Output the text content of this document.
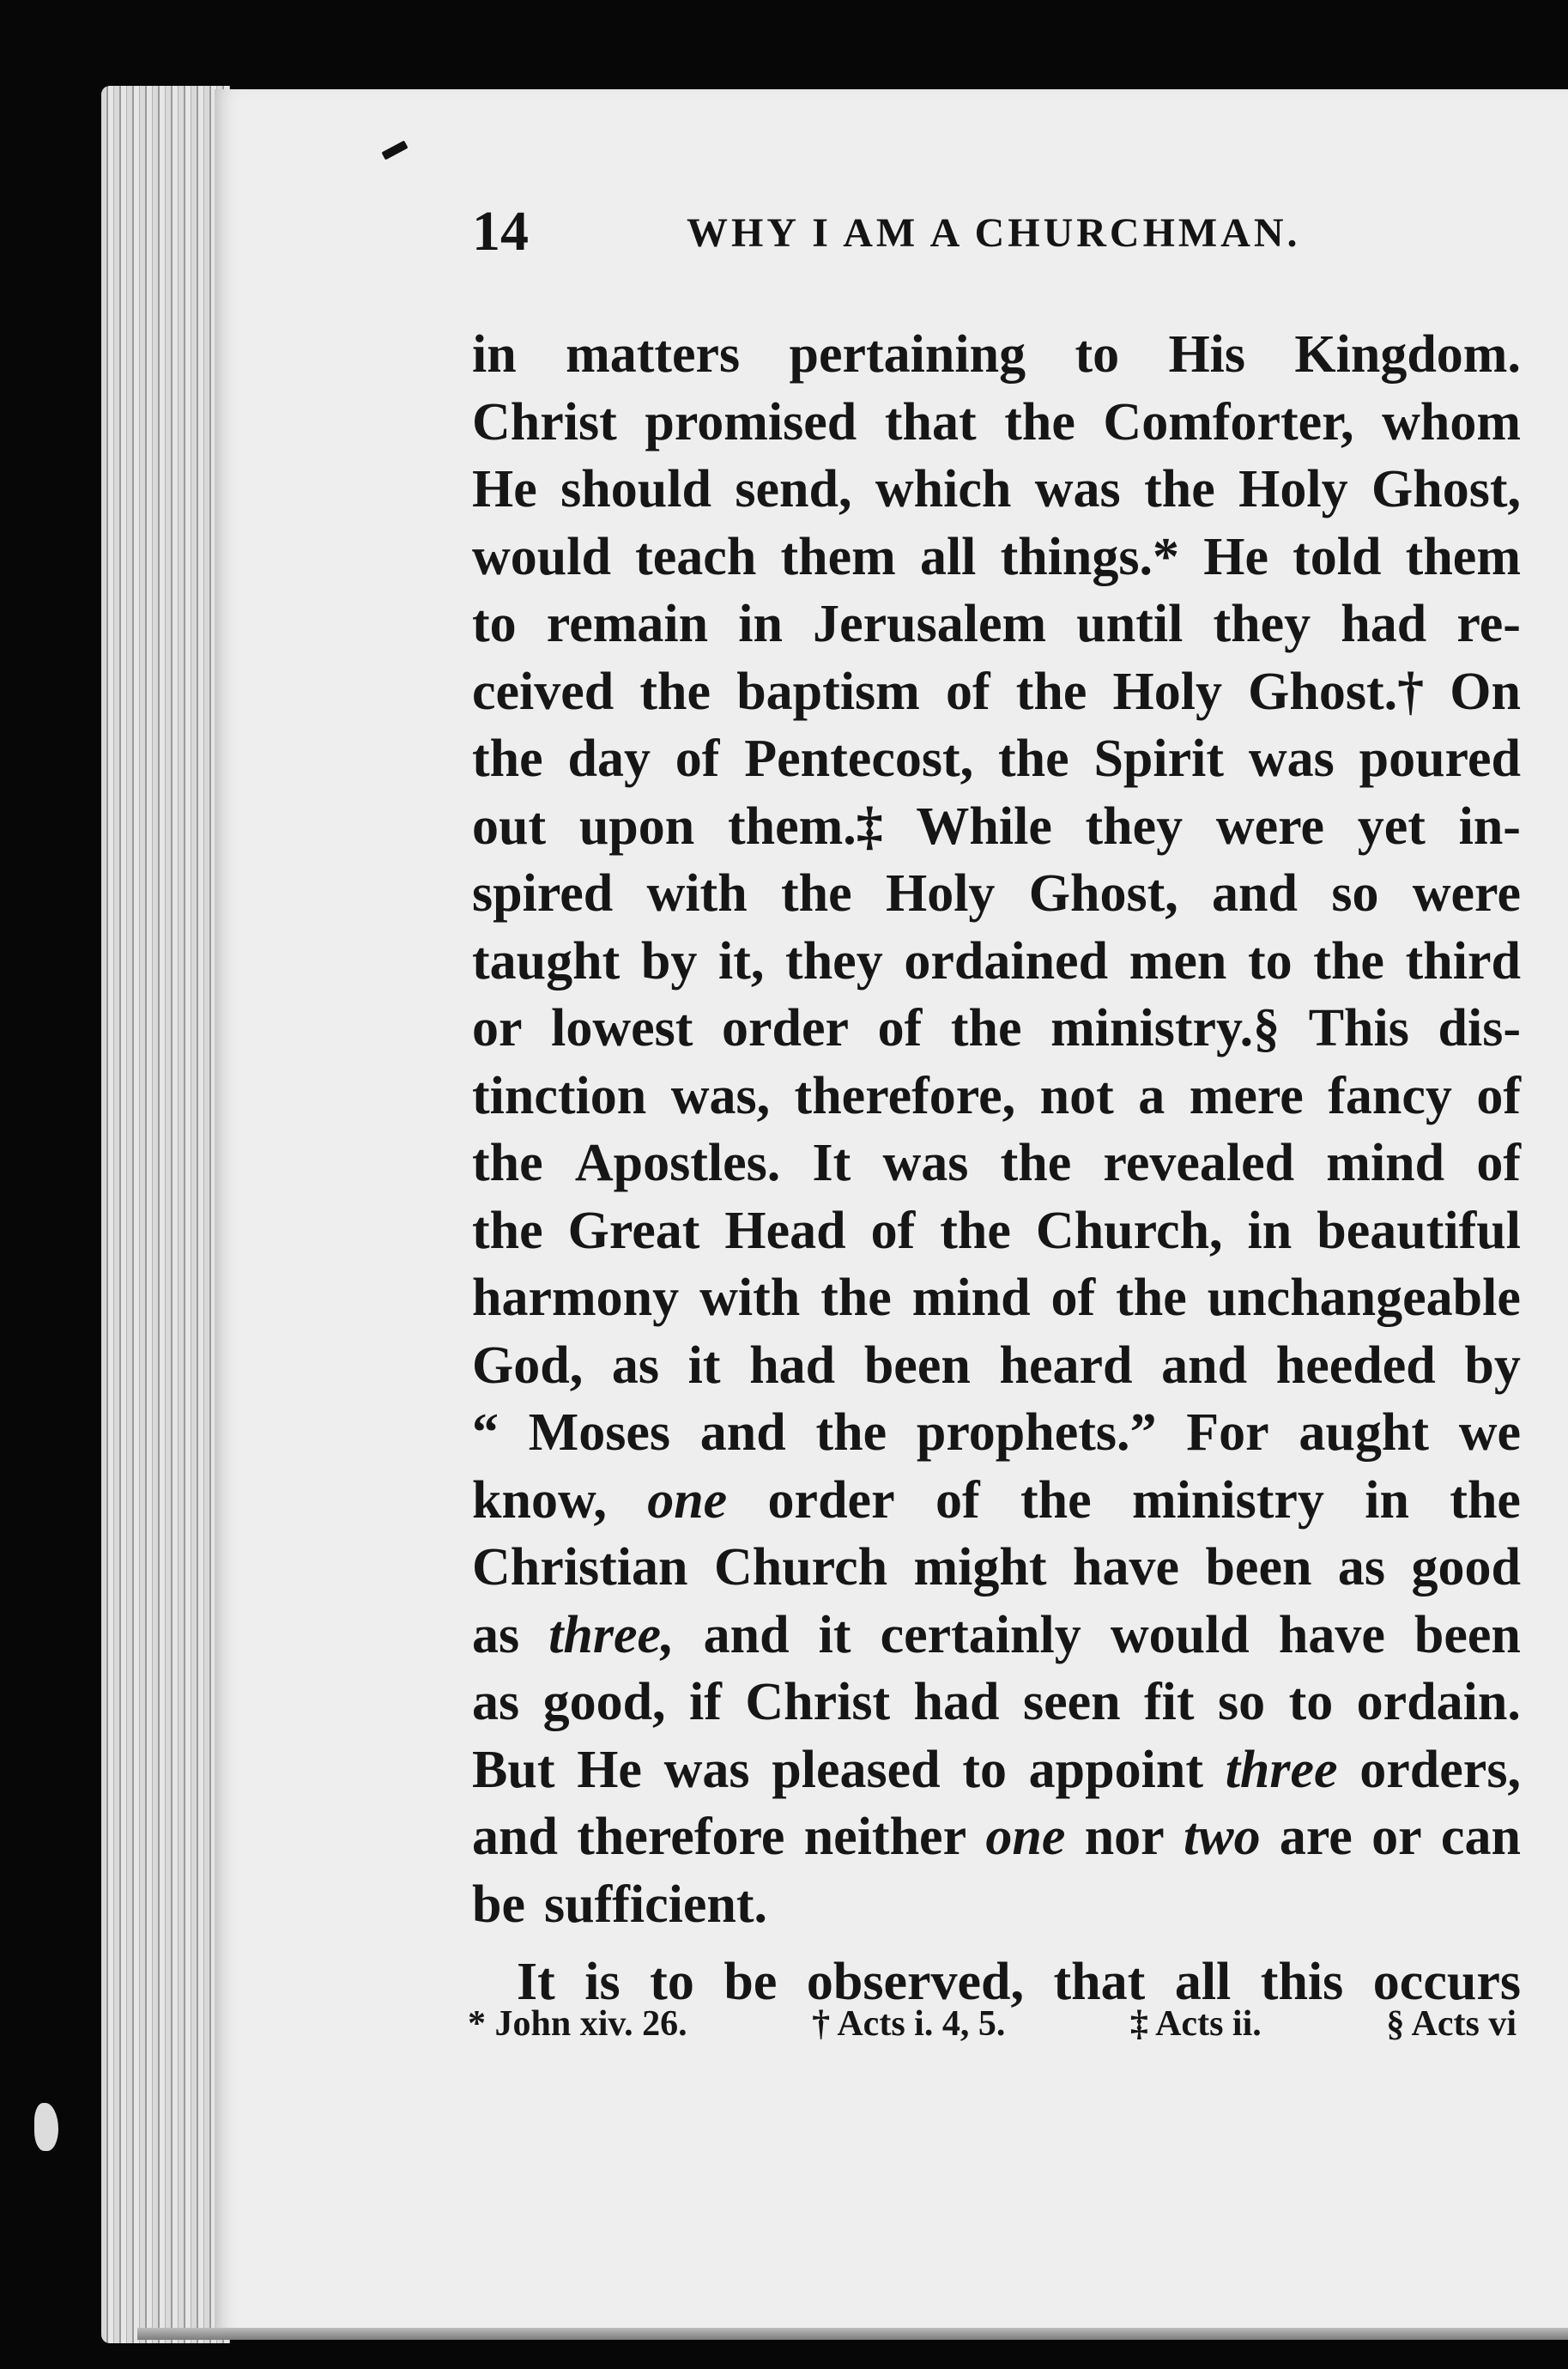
14	WHY I AM A CHURCHMAN.
in matters pertaining to His Kingdom.
Christ promised that the Comforter, whom
He should send, which was the Holy Ghost,
would teach them all things.* He told them
to remain in Jerusalem until they had re-
ceived the baptism of the Holy Ghost.† On
the day of Pentecost, the Spirit was poured
out upon them.‡ While they were yet in-
spired with the Holy Ghost, and so were
taught by it, they ordained men to the third
or lowest order of the ministry.§ This dis-
tinction was, therefore, not a mere fancy of
the Apostles. It was the revealed mind of
the Great Head of the Church, in beautiful
harmony with the mind of the unchangeable
God, as it had been heard and heeded by
“ Moses and the prophets.” For aught we
know, one order of the ministry in the
Christian Church might have been as good
as three, and it certainly would have been
as good, if Christ had seen fit so to ordain.
But He was pleased to appoint three orders,
and therefore neither one nor two are or can
be sufficient.
It is to be observed, that all this occurs
* John xiv. 26.	† Acts i. 4, 5.	‡ Acts ii.	§ Acts vi
